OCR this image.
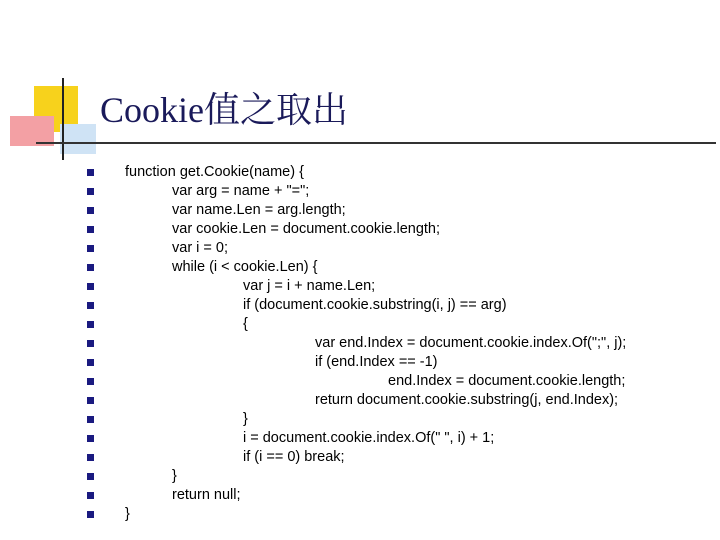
Cookie值之取出
function get.Cookie(name) {
var arg = name + "=";
var name.Len = arg.length;
var cookie.Len = document.cookie.length;
var i = 0;
while (i < cookie.Len) {
var j = i + name.Len;
if (document.cookie.substring(i, j) == arg)
{
var end.Index = document.cookie.index.Of(";", j);
if (end.Index == -1)
end.Index = document.cookie.length;
return document.cookie.substring(j, end.Index);
}
i = document.cookie.index.Of(" ", i) + 1;
if (i == 0) break;
}
return null;
}
